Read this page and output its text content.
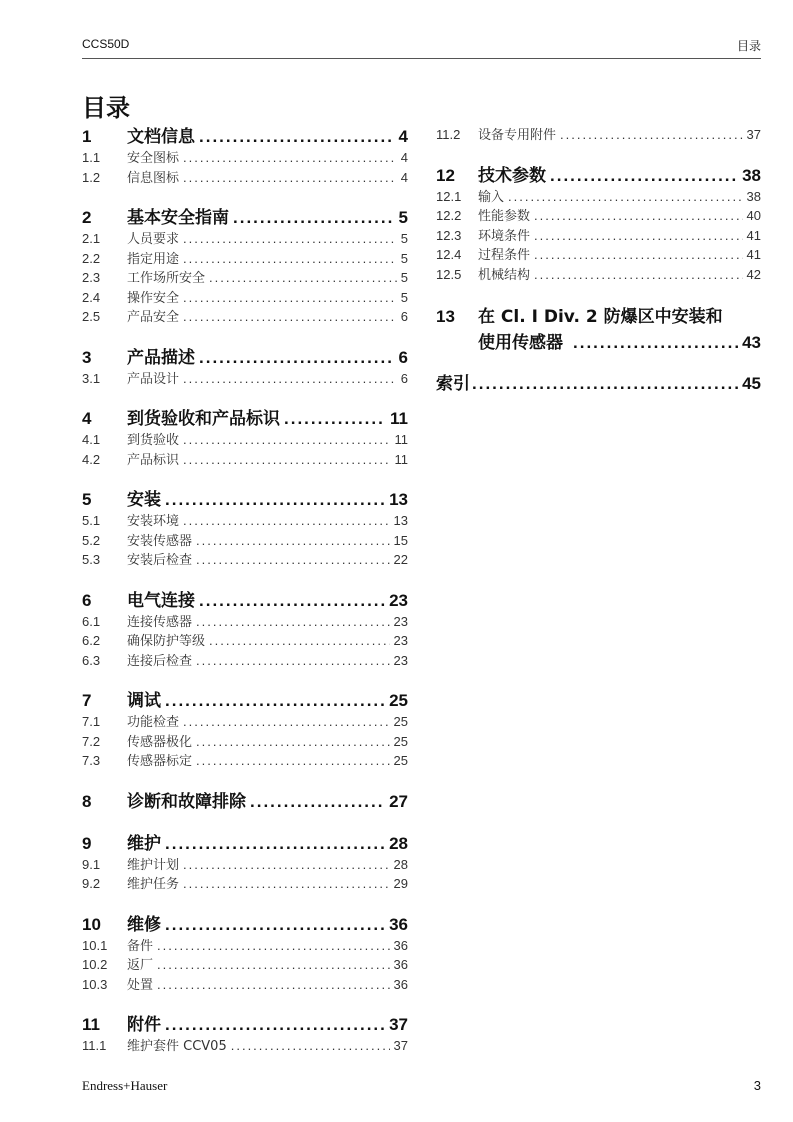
CCS50D	目录
目录
1	文档信息 .....	4
1.1	安全图标 .....	4
1.2	信息图标 .....	4
2	基本安全指南 .....	5
2.1	人员要求 .....	5
2.2	指定用途 .....	5
2.3	工作场所安全 .....	5
2.4	操作安全 .....	5
2.5	产品安全 .....	6
3	产品描述 .....	6
3.1	产品设计 .....	6
4	到货验收和产品标识 .....	11
4.1	到货验收 .....	11
4.2	产品标识 .....	11
5	安装 .....	13
5.1	安装环境 .....	13
5.2	安装传感器 .....	15
5.3	安装后检查 .....	22
6	电气连接 .....	23
6.1	连接传感器 .....	23
6.2	确保防护等级 .....	23
6.3	连接后检查 .....	23
7	调试 .....	25
7.1	功能检查 .....	25
7.2	传感器极化 .....	25
7.3	传感器标定 .....	25
8	诊断和故障排除 .....	27
9	维护 .....	28
9.1	维护计划 .....	28
9.2	维护任务 .....	29
10	维修 .....	36
10.1	备件 .....	36
10.2	返厂 .....	36
10.3	处置 .....	36
11	附件 .....	37
11.1	维护套件 CCV05 .....	37
11.2	设备专用附件 .....	37
12	技术参数 .....	38
12.1	输入 .....	38
12.2	性能参数 .....	40
12.3	环境条件 .....	41
12.4	过程条件 .....	41
12.5	机械结构 .....	42
13	在 Cl. I Div. 2 防爆区中安装和
使用传感器 .....	43
索引 .....	45
Endress+Hauser	3
